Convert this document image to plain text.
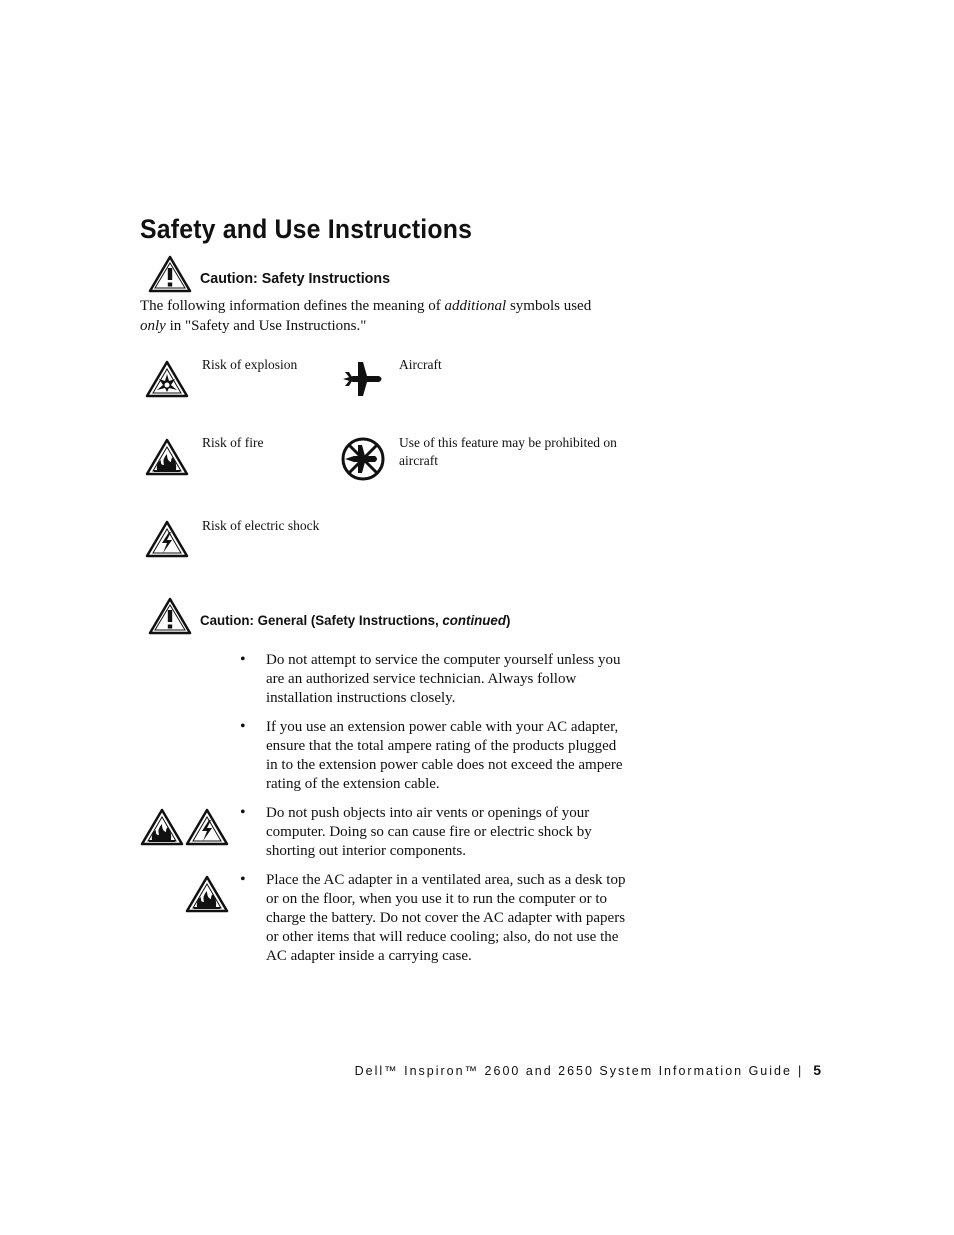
Safety and Use Instructions
Caution: Safety Instructions
The following information defines the meaning of additional symbols used
only in "Safety and Use Instructions."
Risk of explosion	Aircraft
Risk of fire	Use of this feature may be prohibited on aircraft
Risk of electric shock
Caution: General (Safety Instructions, continued)
• Do not attempt to service the computer yourself unless you are an authorized service technician. Always follow installation instructions closely.
• If you use an extension power cable with your AC adapter, ensure that the total ampere rating of the products plugged in to the extension power cable does not exceed the ampere rating of the extension cable.
• Do not push objects into air vents or openings of your computer. Doing so can cause fire or electric shock by shorting out interior components.
• Place the AC adapter in a ventilated area, such as a desk top or on the floor, when you use it to run the computer or to charge the battery. Do not cover the AC adapter with papers or other items that will reduce cooling; also, do not use the AC adapter inside a carrying case.
Dell™ Inspiron™ 2600 and 2650 System Information Guide | 5
